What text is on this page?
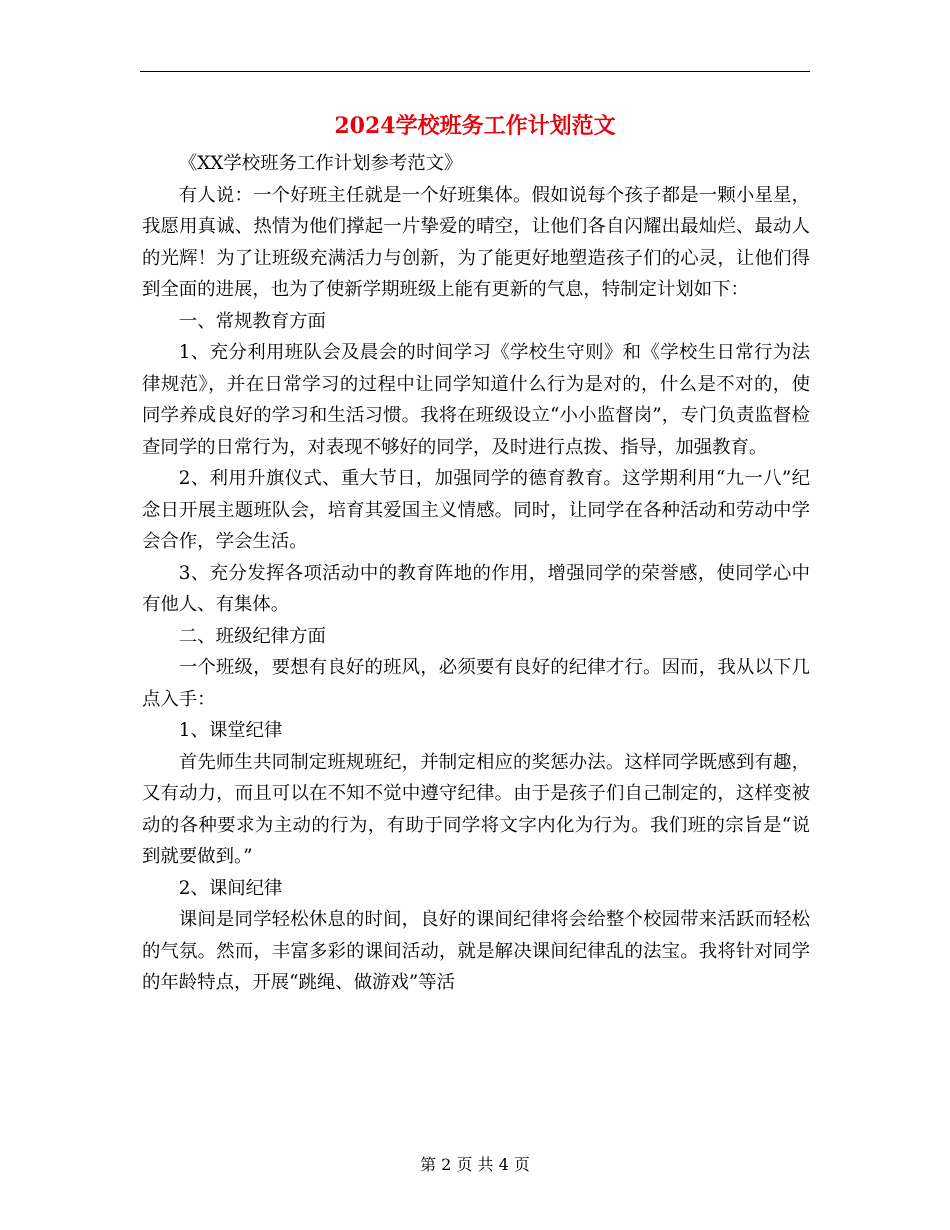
2024学校班务工作计划范文

《XX学校班务工作计划参考范文》

有人说：一个好班主任就是一个好班集体。假如说每个孩子都是一颗小星星，我愿用真诚、热情为他们撑起一片挚爱的晴空，让他们各自闪耀出最灿烂、最动人的光辉！为了让班级充满活力与创新，为了能更好地塑造孩子们的心灵，让他们得到全面的进展，也为了使新学期班级上能有更新的气息，特制定计划如下：

一、常规教育方面

1、充分利用班队会及晨会的时间学习《学校生守则》和《学校生日常行为法律规范》，并在日常学习的过程中让同学知道什么行为是对的，什么是不对的，使同学养成良好的学习和生活习惯。我将在班级设立“小小监督岗”，专门负责监督检查同学的日常行为，对表现不够好的同学，及时进行点拨、指导，加强教育。

2、利用升旗仪式、重大节日，加强同学的德育教育。这学期利用“九一八”纪念日开展主题班队会，培育其爱国主义情感。同时，让同学在各种活动和劳动中学会合作，学会生活。

3、充分发挥各项活动中的教育阵地的作用，增强同学的荣誉感，使同学心中有他人、有集体。

二、班级纪律方面

一个班级，要想有良好的班风，必须要有良好的纪律才行。因而，我从以下几点入手：

1、课堂纪律

首先师生共同制定班规班纪，并制定相应的奖惩办法。这样同学既感到有趣，又有动力，而且可以在不知不觉中遵守纪律。由于是孩子们自己制定的，这样变被动的各种要求为主动的行为，有助于同学将文字内化为行为。我们班的宗旨是“说到就要做到。”

2、课间纪律

课间是同学轻松休息的时间，良好的课间纪律将会给整个校园带来活跃而轻松的气氛。然而，丰富多彩的课间活动，就是解决课间纪律乱的法宝。我将针对同学的年龄特点，开展“跳绳、做游戏”等活

第 2 页 共 4 页
